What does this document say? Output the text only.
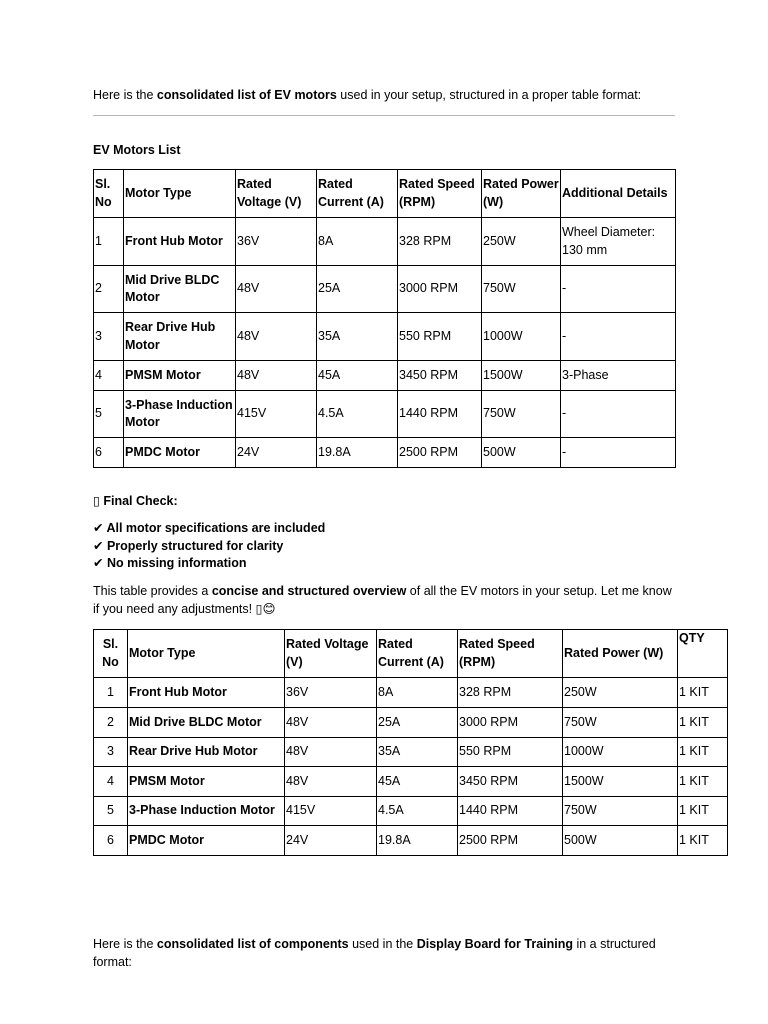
Here is the consolidated list of EV motors used in your setup, structured in a proper table format:

EV Motors List

Sl. No	Motor Type	Rated Voltage (V)	Rated Current (A)	Rated Speed (RPM)	Rated Power (W)	Additional Details
1	Front Hub Motor	36V	8A	328 RPM	250W	Wheel Diameter: 130 mm
2	Mid Drive BLDC Motor	48V	25A	3000 RPM	750W	-
3	Rear Drive Hub Motor	48V	35A	550 RPM	1000W	-
4	PMSM Motor	48V	45A	3450 RPM	1500W	3-Phase
5	3-Phase Induction Motor	415V	4.5A	1440 RPM	750W	-
6	PMDC Motor	24V	19.8A	2500 RPM	500W	-

▯ Final Check:

✔ All motor specifications are included
✔ Properly structured for clarity
✔ No missing information

This table provides a concise and structured overview of all the EV motors in your setup. Let me know if you need any adjustments! ▯😊

Sl. No	Motor Type	Rated Voltage (V)	Rated Current (A)	Rated Speed (RPM)	Rated Power (W)	QTY
1	Front Hub Motor	36V	8A	328 RPM	250W	1 KIT
2	Mid Drive BLDC Motor	48V	25A	3000 RPM	750W	1 KIT
3	Rear Drive Hub Motor	48V	35A	550 RPM	1000W	1 KIT
4	PMSM Motor	48V	45A	3450 RPM	1500W	1 KIT
5	3-Phase Induction Motor	415V	4.5A	1440 RPM	750W	1 KIT
6	PMDC Motor	24V	19.8A	2500 RPM	500W	1 KIT

Here is the consolidated list of components used in the Display Board for Training in a structured format:
